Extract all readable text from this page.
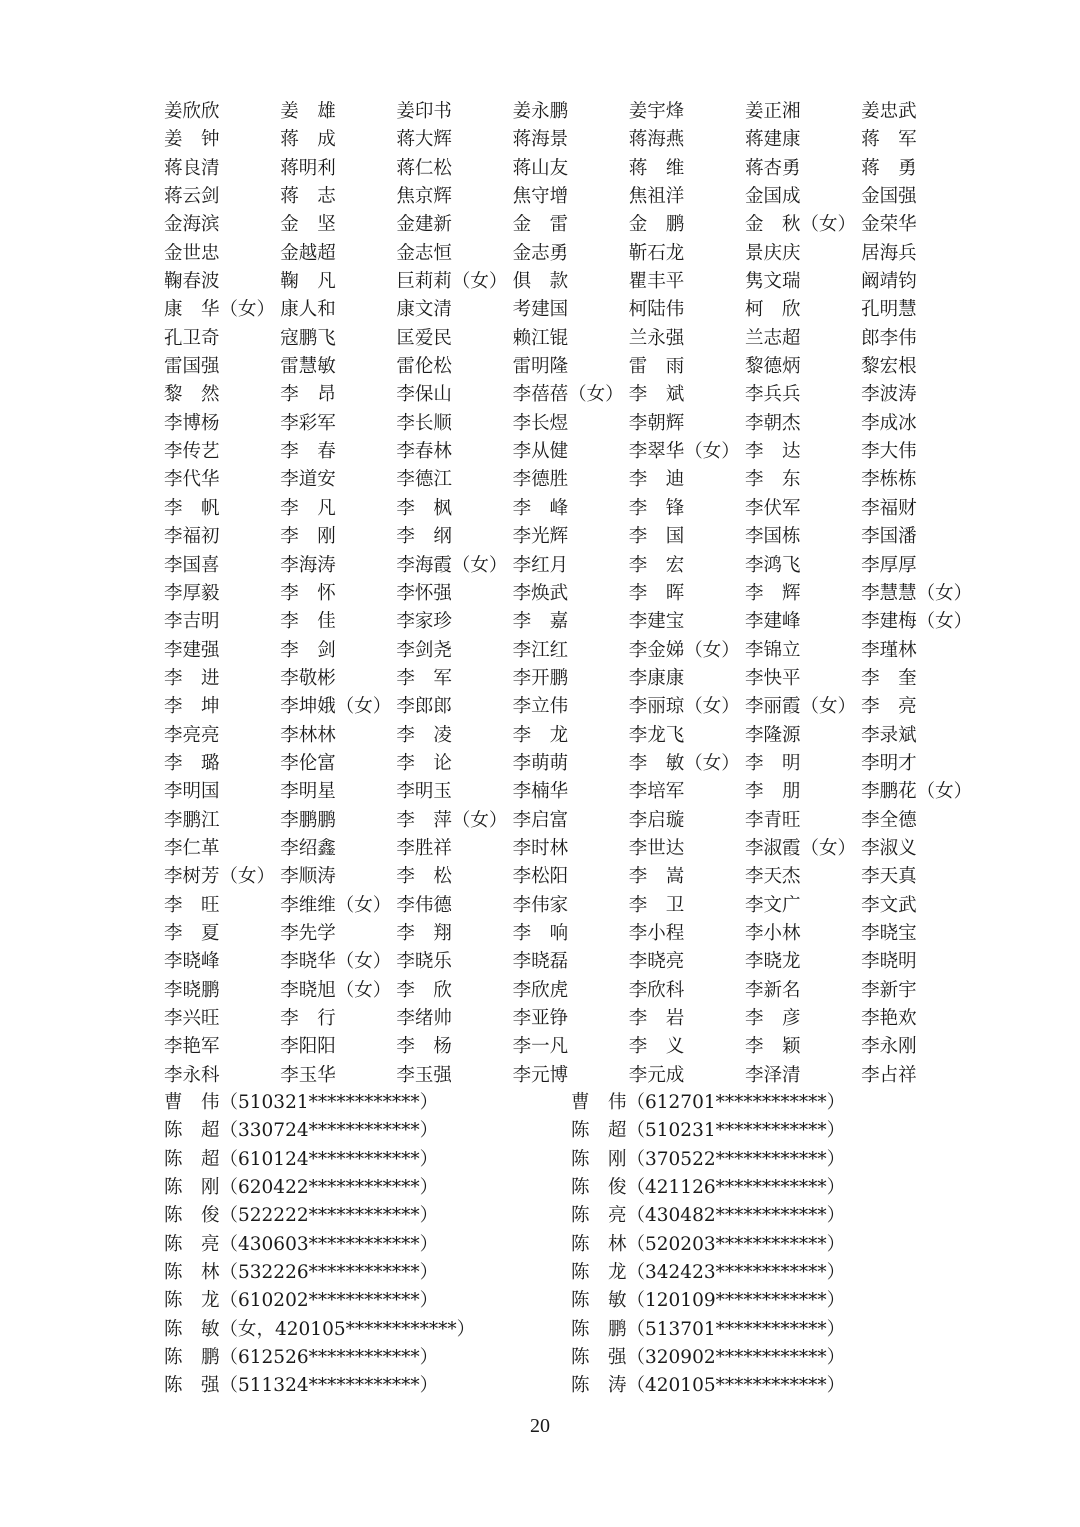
姜欣欣	姜　雄	姜印书	姜永鹏	姜宇烽	姜正湘	姜忠武
姜　钟	蒋　成	蒋大辉	蒋海景	蒋海燕	蒋建康	蒋　军
蒋良清	蒋明利	蒋仁松	蒋山友	蒋　维	蒋杏勇	蒋　勇
蒋云剑	蒋　志	焦京辉	焦守增	焦祖洋	金国成	金国强
金海滨	金　坚	金建新	金　雷	金　鹏	金　秋（女） 金荣华
金世忠	金越超	金志恒	金志勇	靳石龙	景庆庆	居海兵
鞠春波	鞠　凡	巨莉莉（女） 俱　款	瞿丰平	隽文瑞	阚靖钧
康　华（女） 康人和	康文清	考建国	柯陆伟	柯　欣	孔明慧
孔卫奇	寇鹏飞	匡爱民	赖江锟	兰永强	兰志超	郎李伟
雷国强	雷慧敏	雷伦松	雷明隆	雷　雨	黎德炳	黎宏根
黎　然	李　昂	李保山	李蓓蓓（女） 李　斌	李兵兵	李波涛
李博杨	李彩军	李长顺	李长煜	李朝辉	李朝杰	李成冰
李传艺	李　春	李春林	李从健	李翠华（女） 李　达	李大伟
李代华	李道安	李德江	李德胜	李　迪	李　东	李栋栋
李　帆	李　凡	李　枫	李　峰	李　锋	李伏军	李福财
李福初	李　刚	李　纲	李光辉	李　国	李国栋	李国潘
李国喜	李海涛	李海霞（女） 李红月	李　宏	李鸿飞	李厚厚
李厚毅	李　怀	李怀强	李焕武	李　晖	李　辉	李慧慧（女）
李吉明	李　佳	李家珍	李　嘉	李建宝	李建峰	李建梅（女）
李建强	李　剑	李剑尧	李江红	李金娣（女） 李锦立	李瑾林
李　进	李敬彬	李　军	李开鹏	李康康	李快平	李　奎
李　坤	李坤娥（女） 李郎郎	李立伟	李丽琼（女） 李丽霞（女） 李　亮
李亮亮	李林林	李　凌	李　龙	李龙飞	李隆源	李录斌
李　璐	李伦富	李　论	李萌萌	李　敏（女） 李　明	李明才
李明国	李明星	李明玉	李楠华	李培军	李　朋	李鹏花（女）
李鹏江	李鹏鹏	李　萍（女） 李启富	李启璇	李青旺	李全德
李仁革	李绍鑫	李胜祥	李时林	李世达	李淑霞（女） 李淑义
李树芳（女） 李顺涛	李　松	李松阳	李　嵩	李天杰	李天真
李　旺	李维维（女） 李伟德	李伟家	李　卫	李文广	李文武
李　夏	李先学	李　翔	李　响	李小程	李小林	李晓宝
李晓峰	李晓华（女） 李晓乐	李晓磊	李晓亮	李晓龙	李晓明
李晓鹏	李晓旭（女） 李　欣	李欣虎	李欣科	李新名	李新宇
李兴旺	李　行	李绪帅	李亚铮	李　岩	李　彦	李艳欢
李艳军	李阳阳	李　杨	李一凡	李　义	李　颖	李永刚
李永科	李玉华	李玉强	李元博	李元成	李泽清	李占祥
曹　伟（510321************）	曹　伟（612701************）
陈　超（330724************）	陈　超（510231************）
陈　超（610124************）	陈　刚（370522************）
陈　刚（620422************）	陈　俊（421126************）
陈　俊（522222************）	陈　亮（430482************）
陈　亮（430603************）	陈　林（520203************）
陈　林（532226************）	陈　龙（342423************）
陈　龙（610202************）	陈　敏（120109************）
陈　敏（女，420105************）	陈　鹏（513701************）
陈　鹏（612526************）	陈　强（320902************）
陈　强（511324************）	陈　涛（420105************）
20
